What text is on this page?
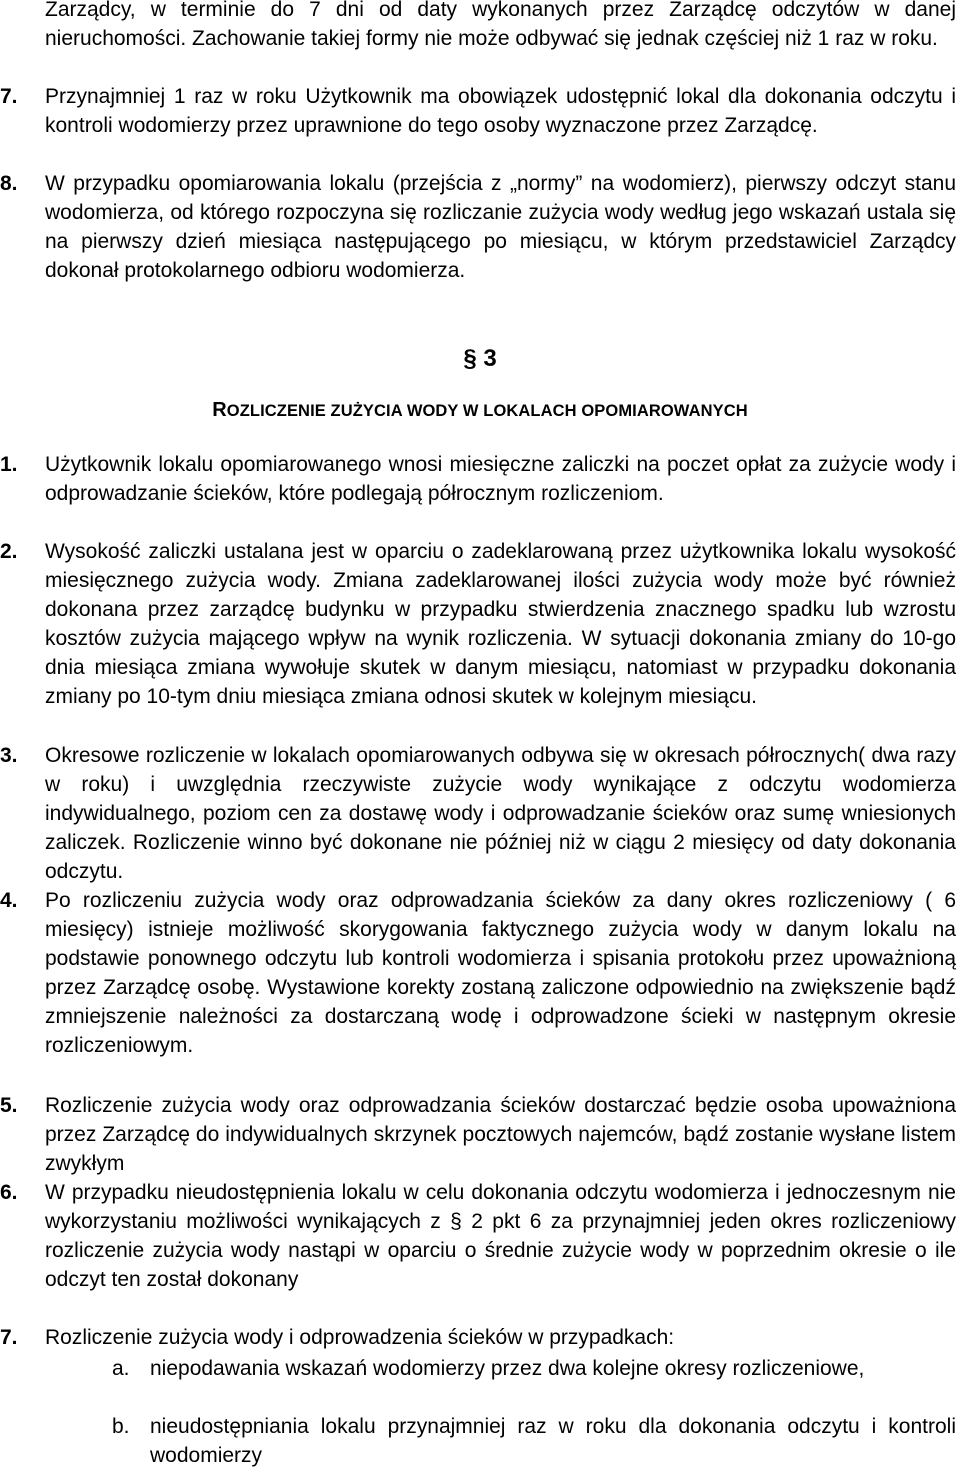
Zarządcy, w terminie do 7 dni od daty wykonanych przez Zarządcę odczytów w danej nieruchomości. Zachowanie takiej formy nie może odbywać się jednak częściej niż 1 raz w roku.
7.	Przynajmniej 1 raz w roku Użytkownik ma obowiązek udostępnić lokal dla dokonania odczytu i kontroli wodomierzy przez uprawnione do tego osoby wyznaczone przez Zarządcę.
8.	W przypadku opomiarowania lokalu (przejścia z „normy” na wodomierz), pierwszy odczyt stanu wodomierza, od którego rozpoczyna się rozliczanie zużycia wody według jego wskazań ustala się na pierwszy dzień miesiąca następującego po miesiącu, w którym przedstawiciel Zarządcy dokonał protokolarnego odbioru wodomierza.
§ 3
ROZLICZENIE ZUŻYCIA WODY W LOKALACH OPOMIAROWANYCH
1.	Użytkownik lokalu opomiarowanego wnosi miesięczne zaliczki na poczet opłat za zużycie wody i odprowadzanie ścieków, które podlegają półrocznym rozliczeniom.
2.	Wysokość zaliczki ustalana jest w oparciu o zadeklarowaną przez użytkownika lokalu wysokość miesięcznego zużycia wody. Zmiana zadeklarowanej ilości zużycia wody może być również dokonana przez zarządcę budynku w przypadku stwierdzenia znacznego spadku lub wzrostu kosztów zużycia mającego wpływ na wynik rozliczenia. W sytuacji dokonania zmiany do 10-go dnia miesiąca zmiana wywołuje skutek w danym miesiącu, natomiast w przypadku dokonania zmiany po 10-tym dniu miesiąca zmiana odnosi skutek w kolejnym miesiącu.
3.	Okresowe rozliczenie w lokalach opomiarowanych odbywa się w okresach półrocznych( dwa razy w roku) i uwzględnia rzeczywiste zużycie wody wynikające z odczytu wodomierza indywidualnego, poziom cen za dostawę wody i odprowadzanie ścieków oraz sumę wniesionych zaliczek. Rozliczenie winno być dokonane nie później niż w ciągu 2 miesięcy od daty dokonania odczytu.
4.	Po rozliczeniu zużycia wody oraz odprowadzania ścieków za dany okres rozliczeniowy ( 6 miesięcy) istnieje możliwość skorygowania faktycznego zużycia wody w danym lokalu na podstawie ponownego odczytu lub kontroli wodomierza i spisania protokołu przez upoważnioną przez Zarządcę osobę. Wystawione korekty zostaną zaliczone odpowiednio na zwiększenie bądź zmniejszenie należności za dostarczaną wodę i odprowadzone ścieki w następnym okresie rozliczeniowym.
5.	Rozliczenie zużycia wody oraz odprowadzania ścieków dostarczać będzie osoba upoważniona przez Zarządcę do indywidualnych skrzynek pocztowych najemców, bądź zostanie wysłane listem zwykłym
6.	W przypadku nieudostępnienia lokalu w celu dokonania odczytu wodomierza i jednoczesnym nie wykorzystaniu możliwości wynikających z § 2 pkt 6 za przynajmniej jeden okres rozliczeniowy rozliczenie zużycia wody nastąpi w oparciu o średnie zużycie wody w poprzednim okresie o ile odczyt ten został dokonany
7.	Rozliczenie zużycia wody i odprowadzenia ścieków w przypadkach:
a. niepodawania wskazań wodomierzy przez dwa kolejne okresy rozliczeniowe,
b. nieudostępniania lokalu przynajmniej raz w roku dla dokonania odczytu i kontroli wodomierzy
